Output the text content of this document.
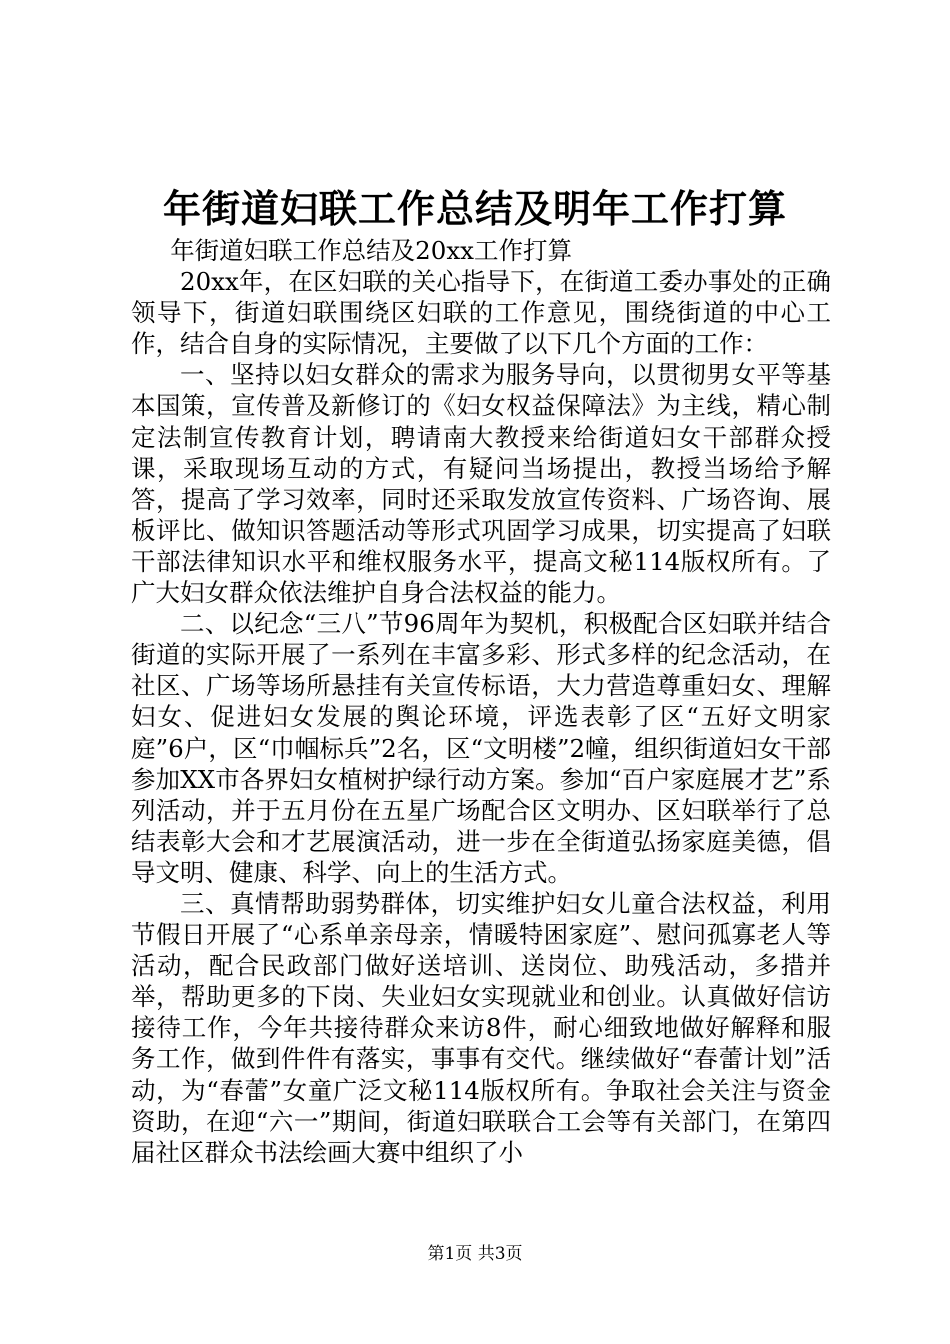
年街道妇联工作总结及明年工作打算

年街道妇联工作总结及20xx工作打算

20xx年，在区妇联的关心指导下，在街道工委办事处的正确领导下，街道妇联围绕区妇联的工作意见，围绕街道的中心工作，结合自身的实际情况，主要做了以下几个方面的工作：

一、坚持以妇女群众的需求为服务导向，以贯彻男女平等基本国策，宣传普及新修订的《妇女权益保障法》为主线，精心制定法制宣传教育计划，聘请南大教授来给街道妇女干部群众授课，采取现场互动的方式，有疑问当场提出，教授当场给予解答，提高了学习效率，同时还采取发放宣传资料、广场咨询、展板评比、做知识答题活动等形式巩固学习成果，切实提高了妇联干部法律知识水平和维权服务水平，提高文秘114版权所有。了广大妇女群众依法维护自身合法权益的能力。

二、以纪念“三八”节96周年为契机，积极配合区妇联并结合街道的实际开展了一系列在丰富多彩、形式多样的纪念活动，在社区、广场等场所悬挂有关宣传标语，大力营造尊重妇女、理解妇女、促进妇女发展的舆论环境，评选表彰了区“五好文明家庭”6户，区“巾帼标兵”2名，区“文明楼”2幢，组织街道妇女干部参加XX市各界妇女植树护绿行动方案。参加“百户家庭展才艺”系列活动，并于五月份在五星广场配合区文明办、区妇联举行了总结表彰大会和才艺展演活动，进一步在全街道弘扬家庭美德，倡导文明、健康、科学、向上的生活方式。

三、真情帮助弱势群体，切实维护妇女儿童合法权益，利用节假日开展了“心系单亲母亲，情暖特困家庭”、慰问孤寡老人等活动，配合民政部门做好送培训、送岗位、助残活动，多措并举，帮助更多的下岗、失业妇女实现就业和创业。认真做好信访接待工作，今年共接待群众来访8件，耐心细致地做好解释和服务工作，做到件件有落实，事事有交代。继续做好“春蕾计划”活动，为“春蕾”女童广泛文秘114版权所有。争取社会关注与资金资助，在迎“六一”期间，街道妇联联合工会等有关部门，在第四届社区群众书法绘画大赛中组织了小

第1页 共3页
